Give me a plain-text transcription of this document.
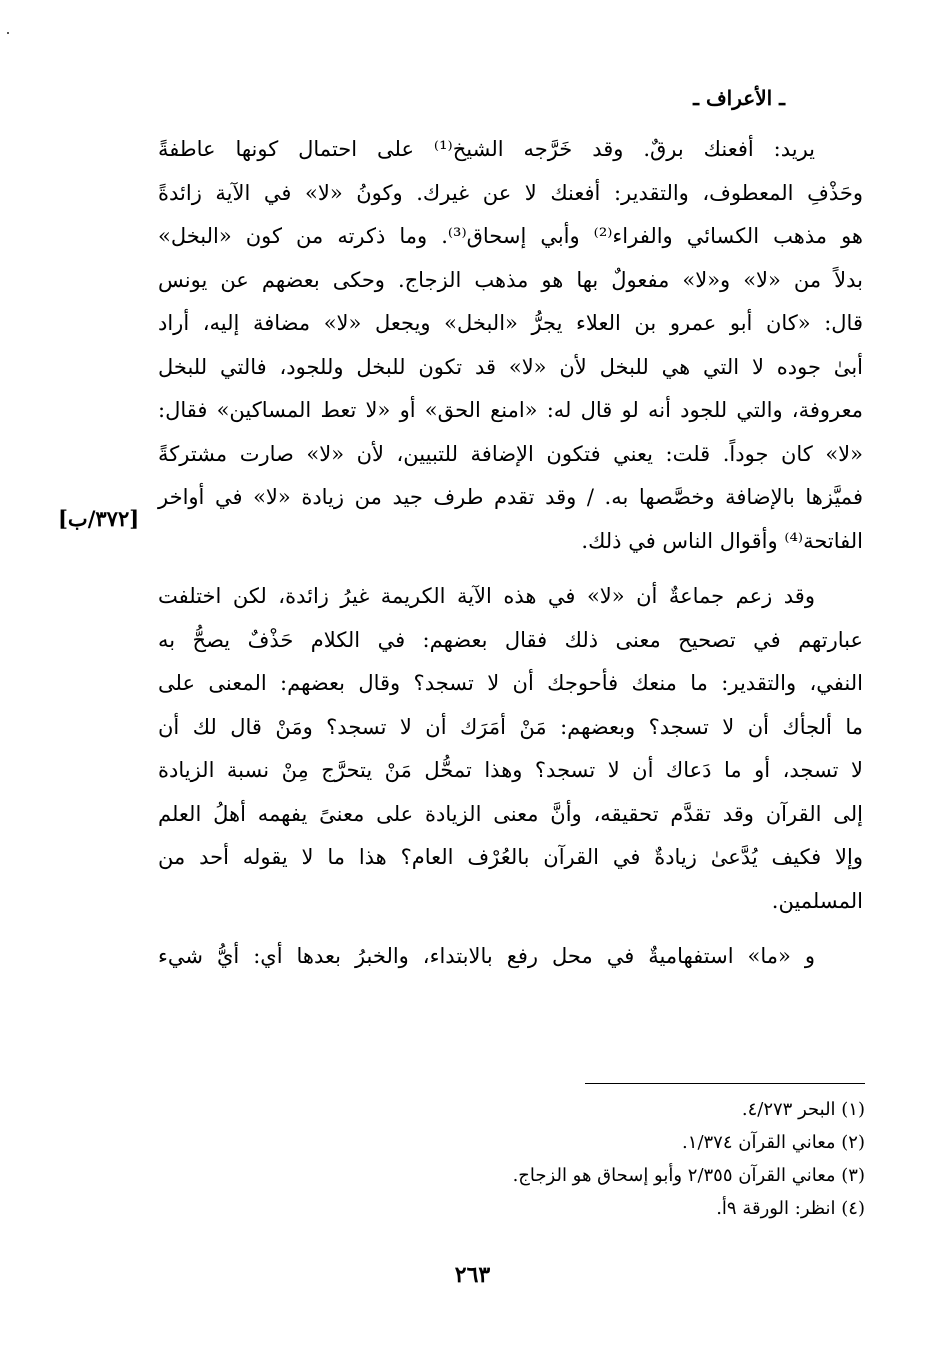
ـ الأعراف ـ
يريد: أفعنك برقٌ. وقد خَرَّجه الشيخ⁽¹⁾ على احتمال كونها عاطفةً
وحَذْفِ المعطوف، والتقدير: أفعنك لا عن غيرك. وكونُ «لا» في الآية زائدةً
هو مذهب الكسائي والفراء⁽²⁾ وأبي إسحاق⁽³⁾. وما ذكرته من كون «البخل»
بدلاً من «لا» و«لا» مفعولٌ بها هو مذهب الزجاج. وحكى بعضهم عن يونس
قال: «كان أبو عمرو بن العلاء يجرُّ «البخل» ويجعل «لا» مضافة إليه، أراد
أبىٰ جوده لا التي هي للبخل لأن «لا» قد تكون للبخل وللجود، فالتي للبخل
معروفة، والتي للجود أنه لو قال له: «امنع الحق» أو «لا تعط المساكين» فقال:
«لا» كان جوداً. قلت: يعني فتكون الإضافة للتبيين، لأن «لا» صارت مشتركةً
فميَّزها بالإضافة وخصَّصها به. / وقد تقدم طرف جيد من زيادة «لا» في أواخر
الفاتحة⁽⁴⁾ وأقوال الناس في ذلك.
وقد زعم جماعةٌ أن «لا» في هذه الآية الكريمة غيرُ زائدة، لكن اختلفت
عبارتهم في تصحيح معنى ذلك فقال بعضهم: في الكلام حَذْفٌ يصحُّ به
النفي، والتقدير: ما منعك فأحوجك أن لا تسجد؟ وقال بعضهم: المعنى على
ما ألجأك أن لا تسجد؟ وبعضهم: مَنْ أمَرَك أن لا تسجد؟ ومَنْ قال لك أن
لا تسجد، أو ما دَعاك أن لا تسجد؟ وهذا تمحُّل مَنْ يتحرَّج مِنْ نسبة الزيادة
إلى القرآن وقد تقدَّم تحقيقه، وأنَّ معنى الزيادة على معنىً يفهمه أهلُ العلم
وإلا فكيف يُدَّعىٰ زيادةٌ في القرآن بالعُرْف العام؟ هذا ما لا يقوله أحد من
المسلمين.
و «ما» استفهاميةٌ في محل رفع بالابتداء، والخبرُ بعدها أي: أيُّ شيء
[٣٧٢/ب]
(١) البحر ٤/٢٧٣.
(٢) معاني القرآن ١/٣٧٤.
(٣) معاني القرآن ٢/٣٥٥ وأبو إسحاق هو الزجاج.
(٤) انظر: الورقة ٩أ.
٢٦٣
